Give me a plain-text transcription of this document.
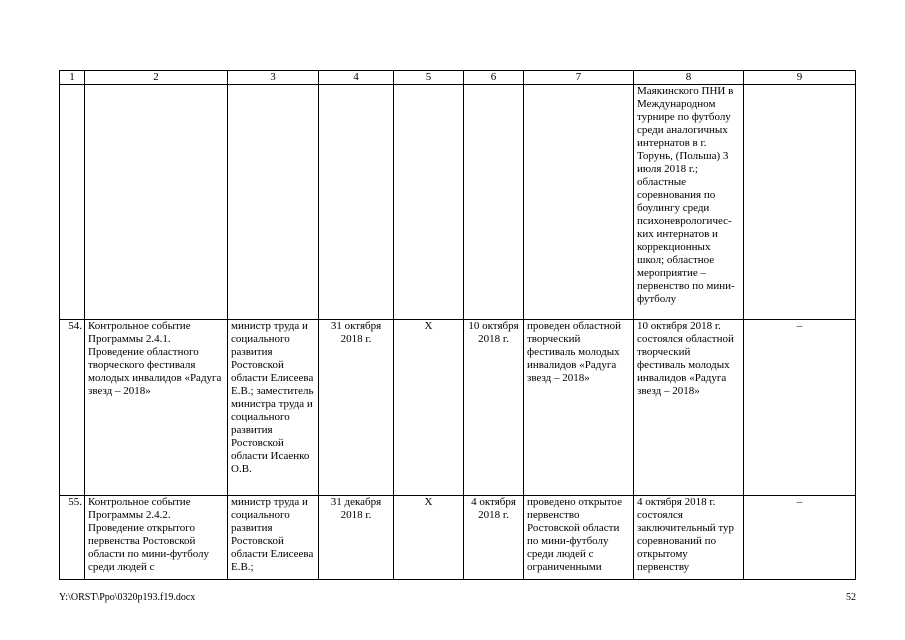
1	2	3	4	5	6	7	8	9
							Маякинского ПНИ в Международном турнире по футболу среди аналогичных интернатов в г. Торунь, (Польша) 3 июля 2018 г.; областные соревнования по боулингу среди психоневрологичес-ких интернатов и коррекционных школ; областное мероприятие – первенство по мини-футболу	
54.	Контрольное событие Программы 2.4.1. Проведение областного творческого фестиваля молодых инвалидов «Радуга звезд – 2018»	министр труда и социального развития Ростовской области Елисеева Е.В.; заместитель министра труда и социального развития Ростовской области Исаенко О.В.	31 октября 2018 г.	Х	10 октября 2018 г.	проведен областной творческий фестиваль молодых инвалидов «Радуга звезд – 2018»	10 октября 2018 г. состоялся областной творческий фестиваль молодых инвалидов «Радуга звезд – 2018»	–

55.	Контрольное событие Программы 2.4.2. Проведение открытого первенства Ростовской области по мини-футболу среди людей с	министр труда и социального развития Ростовской области Елисеева Е.В.;	31 декабря 2018 г.	Х	4 октября 2018 г.	проведено открытое первенство Ростовской области по мини-футболу среди людей с ограниченными	4 октября 2018 г. состоялся заключительный тур соревнований по открытому первенству	–
Y:\ORST\Ppo\0320p193.f19.docx	52
